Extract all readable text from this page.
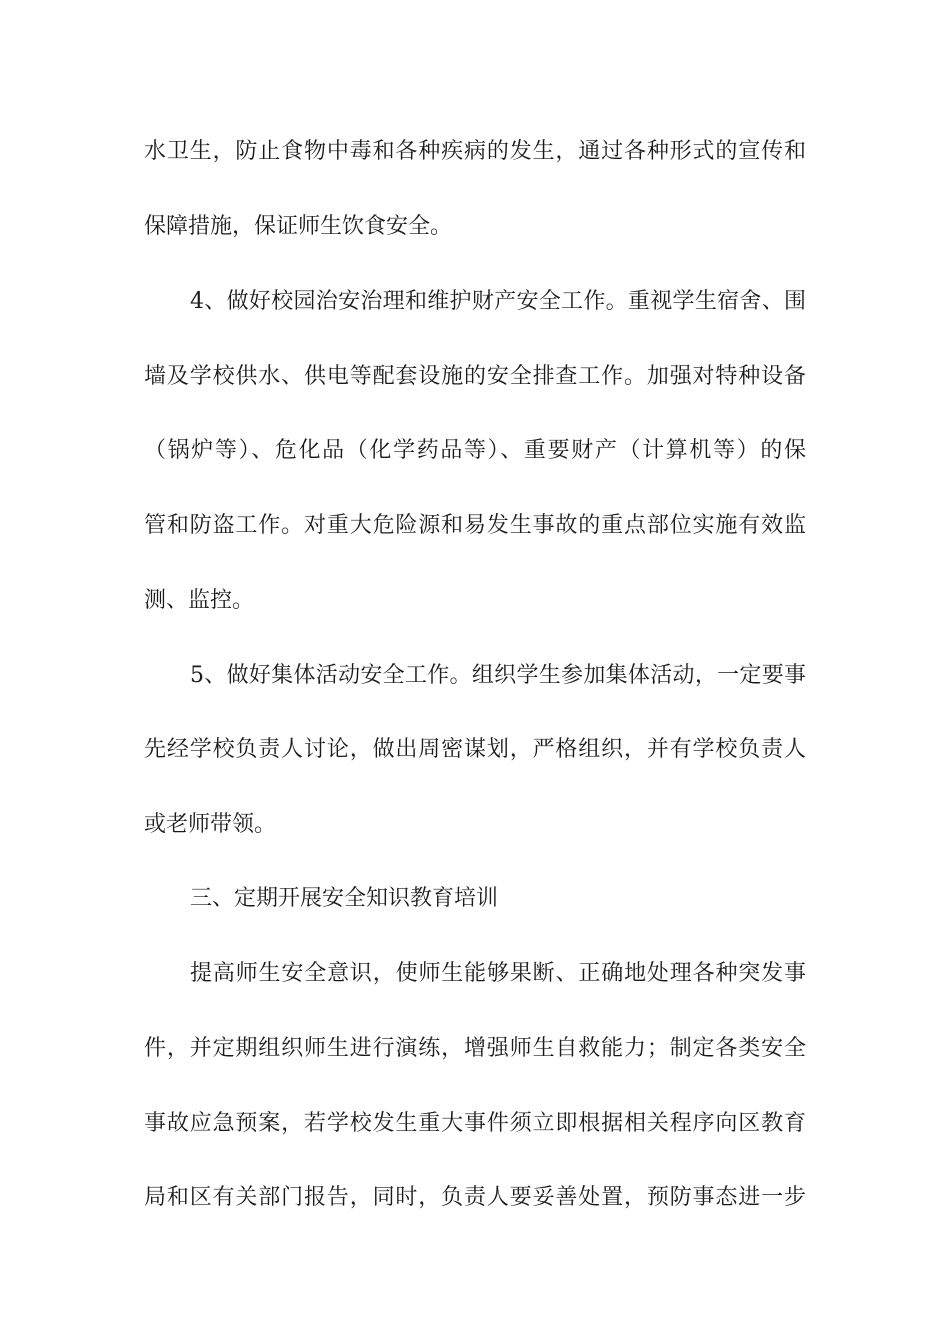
水卫生，防止食物中毒和各种疾病的发生，通过各种形式的宣传和
保障措施，保证师生饮食安全。
4、做好校园治安治理和维护财产安全工作。重视学生宿舍、围
墙及学校供水、供电等配套设施的安全排查工作。加强对特种设备
（锅炉等）、危化品（化学药品等）、重要财产（计算机等）的保
管和防盗工作。对重大危险源和易发生事故的重点部位实施有效监
测、监控。
5、做好集体活动安全工作。组织学生参加集体活动，一定要事
先经学校负责人讨论，做出周密谋划，严格组织，并有学校负责人
或老师带领。
三、定期开展安全知识教育培训
提高师生安全意识，使师生能够果断、正确地处理各种突发事
件，并定期组织师生进行演练，增强师生自救能力；制定各类安全
事故应急预案，若学校发生重大事件须立即根据相关程序向区教育
局和区有关部门报告，同时，负责人要妥善处置，预防事态进一步
